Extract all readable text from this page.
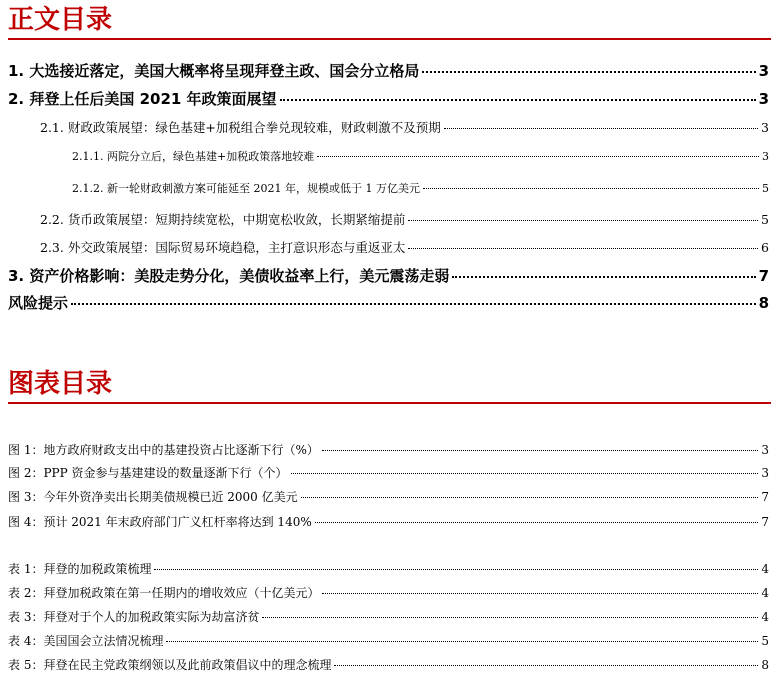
正文目录
1. 大选接近落定，美国大概率将呈现拜登主政、国会分立格局	3
2. 拜登上任后美国 2021 年政策面展望	3
2.1. 财政政策展望：绿色基建+加税组合拳兑现较难，财政刺激不及预期	3
2.1.1. 两院分立后，绿色基建+加税政策落地较难	3
2.1.2. 新一轮财政刺激方案可能延至 2021 年，规模或低于 1 万亿美元	5
2.2. 货币政策展望：短期持续宽松，中期宽松收敛，长期紧缩提前	5
2.3. 外交政策展望：国际贸易环境趋稳，主打意识形态与重返亚太	6
3. 资产价格影响：美股走势分化，美债收益率上行，美元震荡走弱	7
风险提示	8
图表目录
图 1：地方政府财政支出中的基建投资占比逐渐下行（%）	3
图 2：PPP 资金参与基建建设的数量逐渐下行（个）	3
图 3：今年外资净卖出长期美债规模已近 2000 亿美元	7
图 4：预计 2021 年末政府部门广义杠杆率将达到 140%	7
表 1：拜登的加税政策梳理	4
表 2：拜登加税政策在第一任期内的增收效应（十亿美元）	4
表 3：拜登对于个人的加税政策实际为劫富济贫	4
表 4：美国国会立法情况梳理	5
表 5：拜登在民主党政策纲领以及此前政策倡议中的理念梳理	8
